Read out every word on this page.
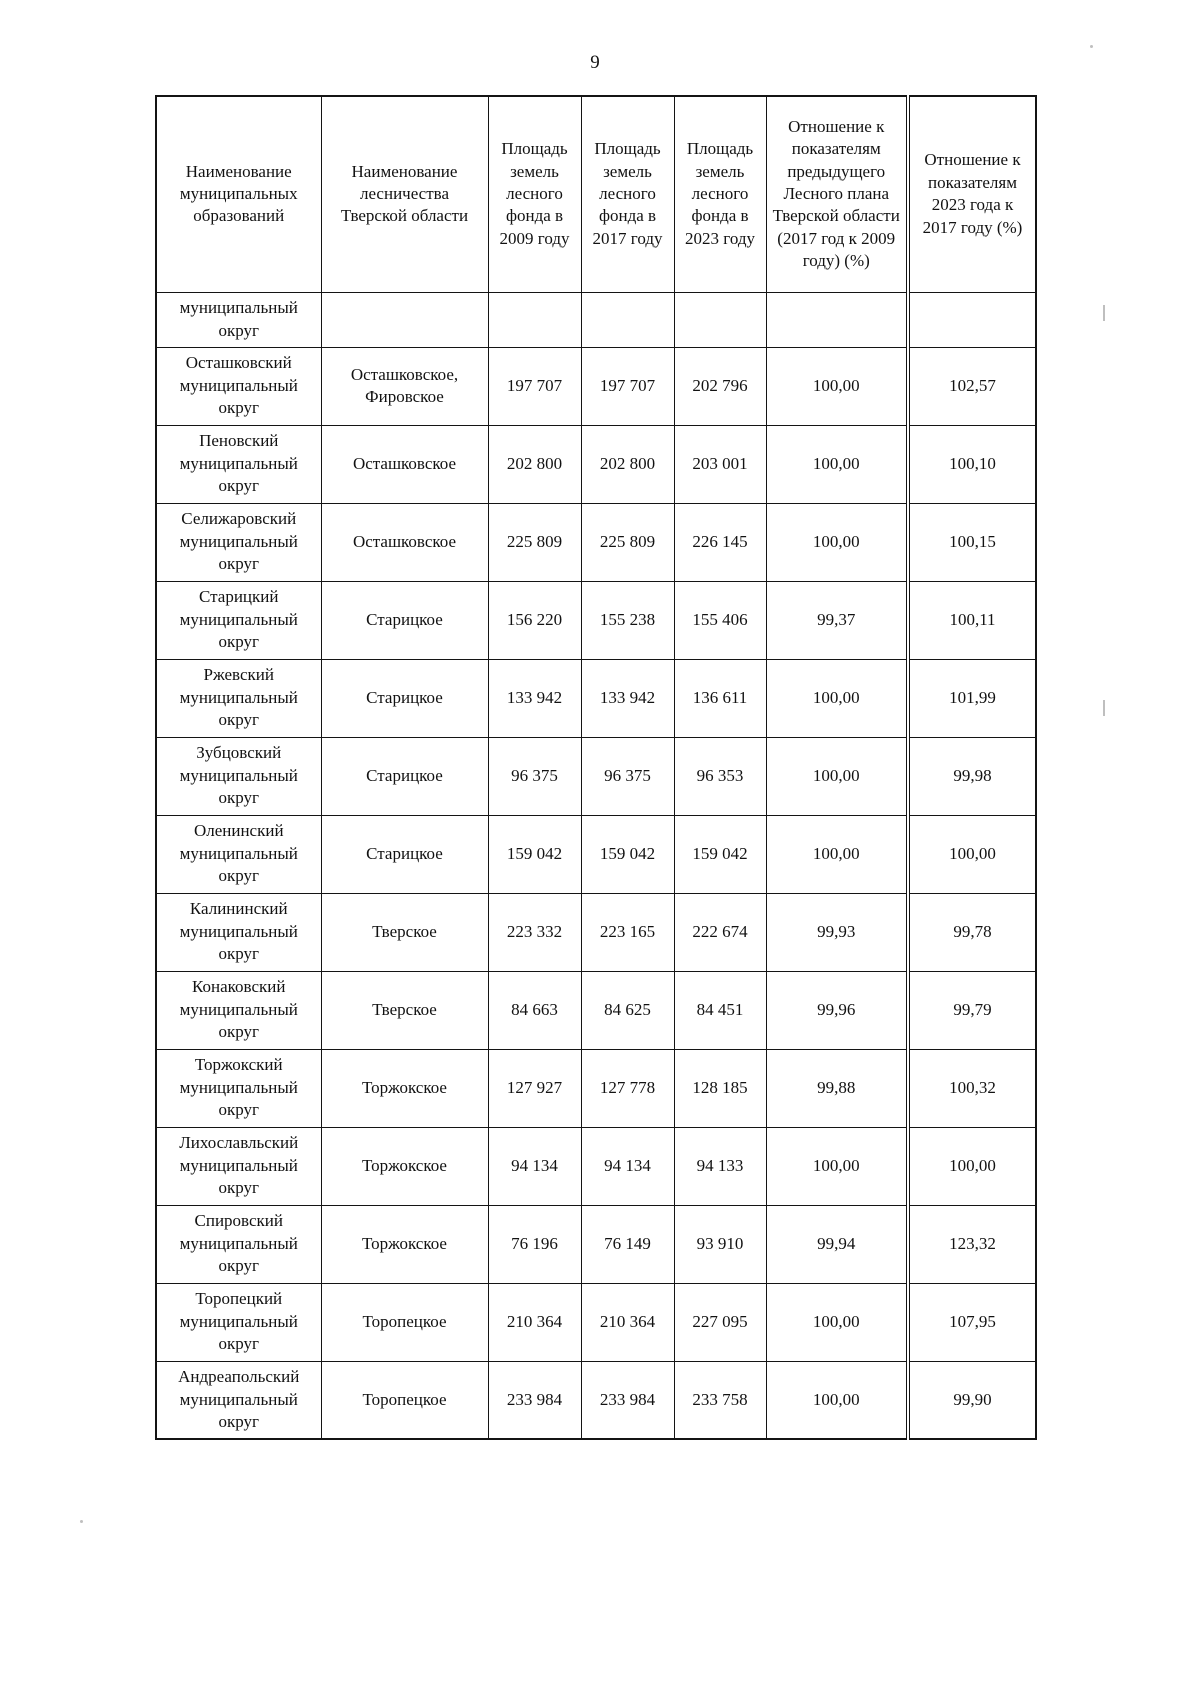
9
Наименование муниципальных образований	Наименование лесничества Тверской области	Площадь земель лесного фонда в 2009 году	Площадь земель лесного фонда в 2017 году	Площадь земель лесного фонда в 2023 году	Отношение к показателям предыдущего Лесного плана Тверской области (2017 год к 2009 году) (%)	Отношение к показателям 2023 года к 2017 году (%)
муниципальный округ						
Осташковский муниципальный округ	Осташковское, Фировское	197 707	197 707	202 796	100,00	102,57
Пеновский муниципальный округ	Осташковское	202 800	202 800	203 001	100,00	100,10
Селижаровский муниципальный округ	Осташковское	225 809	225 809	226 145	100,00	100,15
Старицкий муниципальный округ	Старицкое	156 220	155 238	155 406	99,37	100,11
Ржевский муниципальный округ	Старицкое	133 942	133 942	136 611	100,00	101,99
Зубцовский муниципальный округ	Старицкое	96 375	96 375	96 353	100,00	99,98
Оленинский муниципальный округ	Старицкое	159 042	159 042	159 042	100,00	100,00
Калининский муниципальный округ	Тверское	223 332	223 165	222 674	99,93	99,78
Конаковский муниципальный округ	Тверское	84 663	84 625	84 451	99,96	99,79
Торжокский муниципальный округ	Торжокское	127 927	127 778	128 185	99,88	100,32
Лихославльский муниципальный округ	Торжокское	94 134	94 134	94 133	100,00	100,00
Спировский муниципальный округ	Торжокское	76 196	76 149	93 910	99,94	123,32
Торопецкий муниципальный округ	Торопецкое	210 364	210 364	227 095	100,00	107,95
Андреапольский муниципальный округ	Торопецкое	233 984	233 984	233 758	100,00	99,90
